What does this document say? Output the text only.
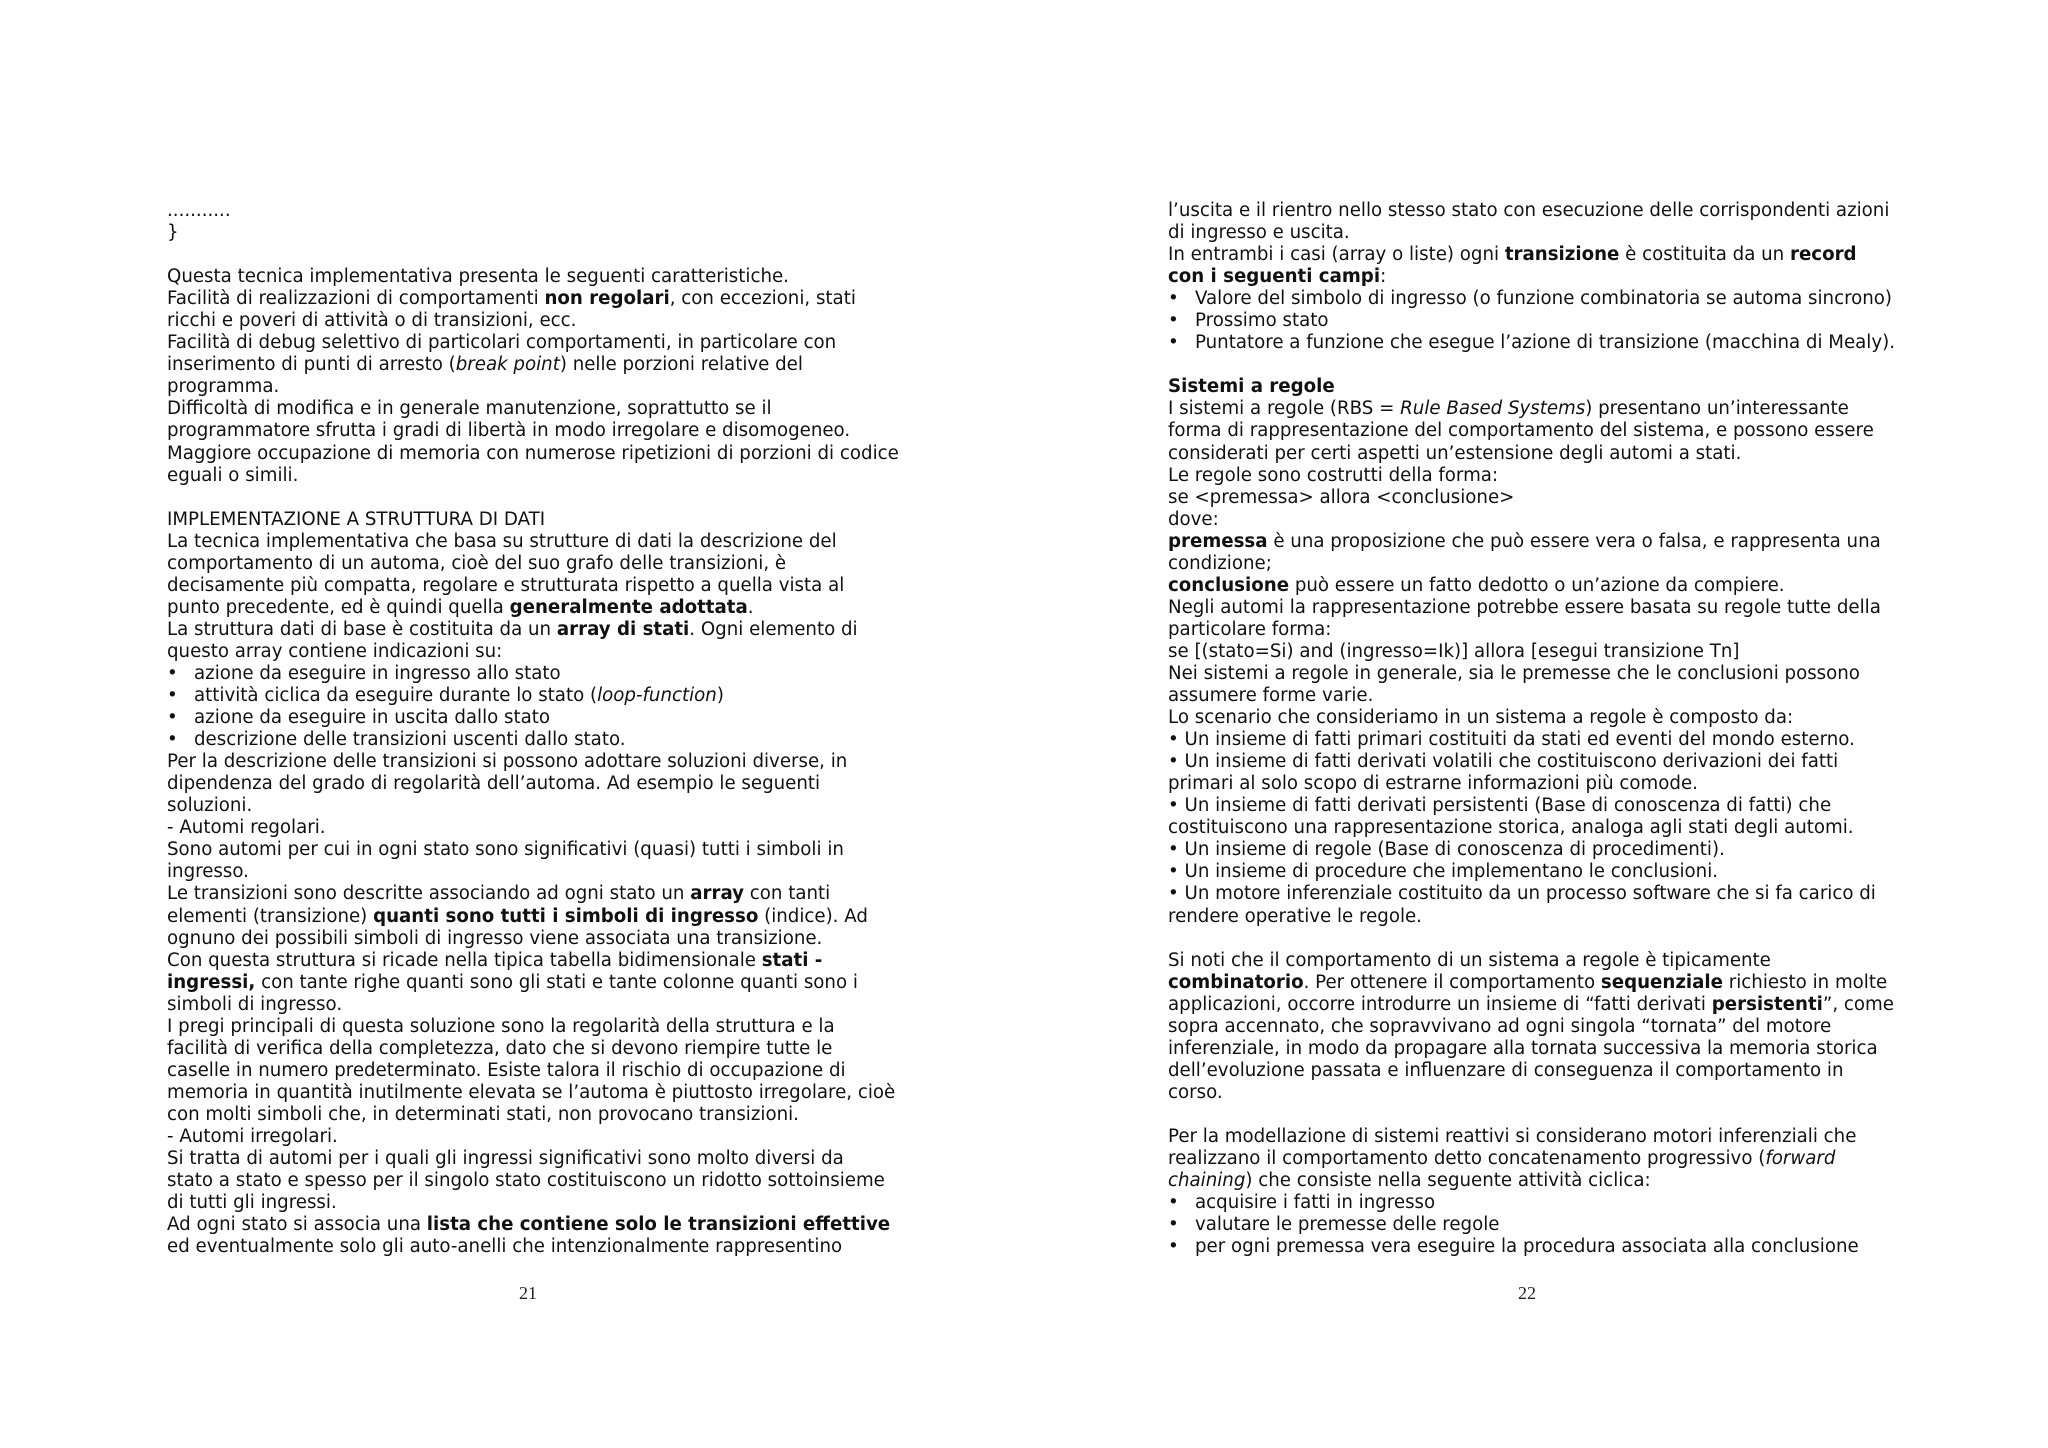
...........
}
Questa tecnica implementativa presenta le seguenti caratteristiche.
Facilità di realizzazioni di comportamenti non regolari, con eccezioni, stati
ricchi e poveri di attività o di transizioni, ecc.
Facilità di debug selettivo di particolari comportamenti, in particolare con
inserimento di punti di arresto (break point) nelle porzioni relative del
programma.
Difficoltà di modifica e in generale manutenzione, soprattutto se il
programmatore sfrutta i gradi di libertà in modo irregolare e disomogeneo.
Maggiore occupazione di memoria con numerose ripetizioni di porzioni di codice
eguali o simili.
IMPLEMENTAZIONE A STRUTTURA DI DATI
La tecnica implementativa che basa su strutture di dati la descrizione del
comportamento di un automa, cioè del suo grafo delle transizioni, è
decisamente più compatta, regolare e strutturata rispetto a quella vista al
punto precedente, ed è quindi quella generalmente adottata.
La struttura dati di base è costituita da un array di stati. Ogni elemento di
questo array contiene indicazioni su:
• azione da eseguire in ingresso allo stato
• attività ciclica da eseguire durante lo stato (loop-function)
• azione da eseguire in uscita dallo stato
• descrizione delle transizioni uscenti dallo stato.
Per la descrizione delle transizioni si possono adottare soluzioni diverse, in
dipendenza del grado di regolarità dell’automa. Ad esempio le seguenti
soluzioni.
- Automi regolari.
Sono automi per cui in ogni stato sono significativi (quasi) tutti i simboli in
ingresso.
Le transizioni sono descritte associando ad ogni stato un array con tanti
elementi (transizione) quanti sono tutti i simboli di ingresso (indice). Ad
ognuno dei possibili simboli di ingresso viene associata una transizione.
Con questa struttura si ricade nella tipica tabella bidimensionale stati -
ingressi, con tante righe quanti sono gli stati e tante colonne quanti sono i
simboli di ingresso.
I pregi principali di questa soluzione sono la regolarità della struttura e la
facilità di verifica della completezza, dato che si devono riempire tutte le
caselle in numero predeterminato. Esiste talora il rischio di occupazione di
memoria in quantità inutilmente elevata se l’automa è piuttosto irregolare, cioè
con molti simboli che, in determinati stati, non provocano transizioni.
- Automi irregolari.
Si tratta di automi per i quali gli ingressi significativi sono molto diversi da
stato a stato e spesso per il singolo stato costituiscono un ridotto sottoinsieme
di tutti gli ingressi.
Ad ogni stato si associa una lista che contiene solo le transizioni effettive
ed eventualmente solo gli auto-anelli che intenzionalmente rappresentino
l’uscita e il rientro nello stesso stato con esecuzione delle corrispondenti azioni
di ingresso e uscita.
In entrambi i casi (array o liste) ogni transizione è costituita da un record
con i seguenti campi:
• Valore del simbolo di ingresso (o funzione combinatoria se automa sincrono)
• Prossimo stato
• Puntatore a funzione che esegue l’azione di transizione (macchina di Mealy).
Sistemi a regole
I sistemi a regole (RBS = Rule Based Systems) presentano un’interessante
forma di rappresentazione del comportamento del sistema, e possono essere
considerati per certi aspetti un’estensione degli automi a stati.
Le regole sono costrutti della forma:
se <premessa> allora <conclusione>
dove:
premessa è una proposizione che può essere vera o falsa, e rappresenta una
condizione;
conclusione può essere un fatto dedotto o un’azione da compiere.
Negli automi la rappresentazione potrebbe essere basata su regole tutte della
particolare forma:
se [(stato=Si) and (ingresso=Ik)] allora [esegui transizione Tn]
Nei sistemi a regole in generale, sia le premesse che le conclusioni possono
assumere forme varie.
Lo scenario che consideriamo in un sistema a regole è composto da:
• Un insieme di fatti primari costituiti da stati ed eventi del mondo esterno.
• Un insieme di fatti derivati volatili che costituiscono derivazioni dei fatti
primari al solo scopo di estrarne informazioni più comode.
• Un insieme di fatti derivati persistenti (Base di conoscenza di fatti) che
costituiscono una rappresentazione storica, analoga agli stati degli automi.
• Un insieme di regole (Base di conoscenza di procedimenti).
• Un insieme di procedure che implementano le conclusioni.
• Un motore inferenziale costituito da un processo software che si fa carico di
rendere operative le regole.
Si noti che il comportamento di un sistema a regole è tipicamente
combinatorio. Per ottenere il comportamento sequenziale richiesto in molte
applicazioni, occorre introdurre un insieme di “fatti derivati persistenti”, come
sopra accennato, che sopravvivano ad ogni singola “tornata” del motore
inferenziale, in modo da propagare alla tornata successiva la memoria storica
dell’evoluzione passata e influenzare di conseguenza il comportamento in
corso.
Per la modellazione di sistemi reattivi si considerano motori inferenziali che
realizzano il comportamento detto concatenamento progressivo (forward
chaining) che consiste nella seguente attività ciclica:
• acquisire i fatti in ingresso
• valutare le premesse delle regole
• per ogni premessa vera eseguire la procedura associata alla conclusione
21	22
